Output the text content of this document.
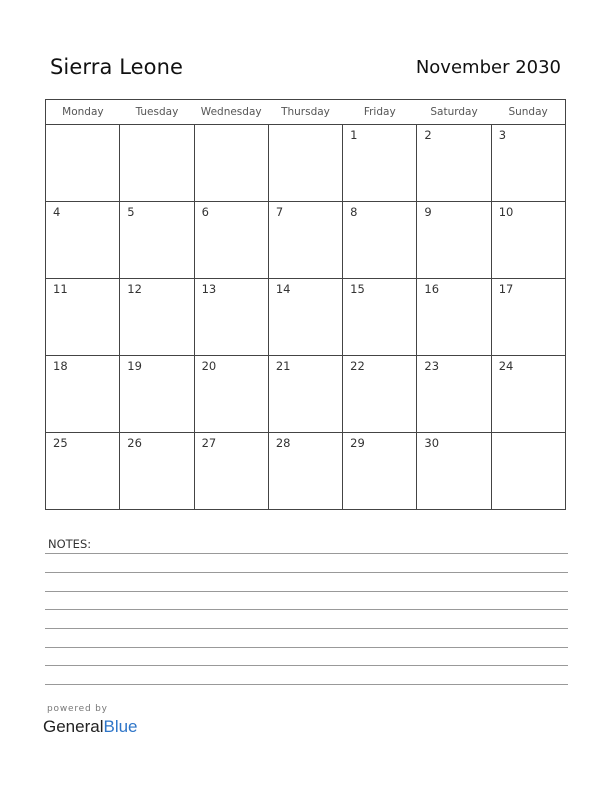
Sierra Leone	November 2030
Monday	Tuesday	Wednesday	Thursday	Friday	Saturday	Sunday

				1	2	3

4	5	6	7	8	9	10

11	12	13	14	15	16	17

18	19	20	21	22	23	24

25	26	27	28	29	30	

NOTES:
powered by
GeneralBlue
